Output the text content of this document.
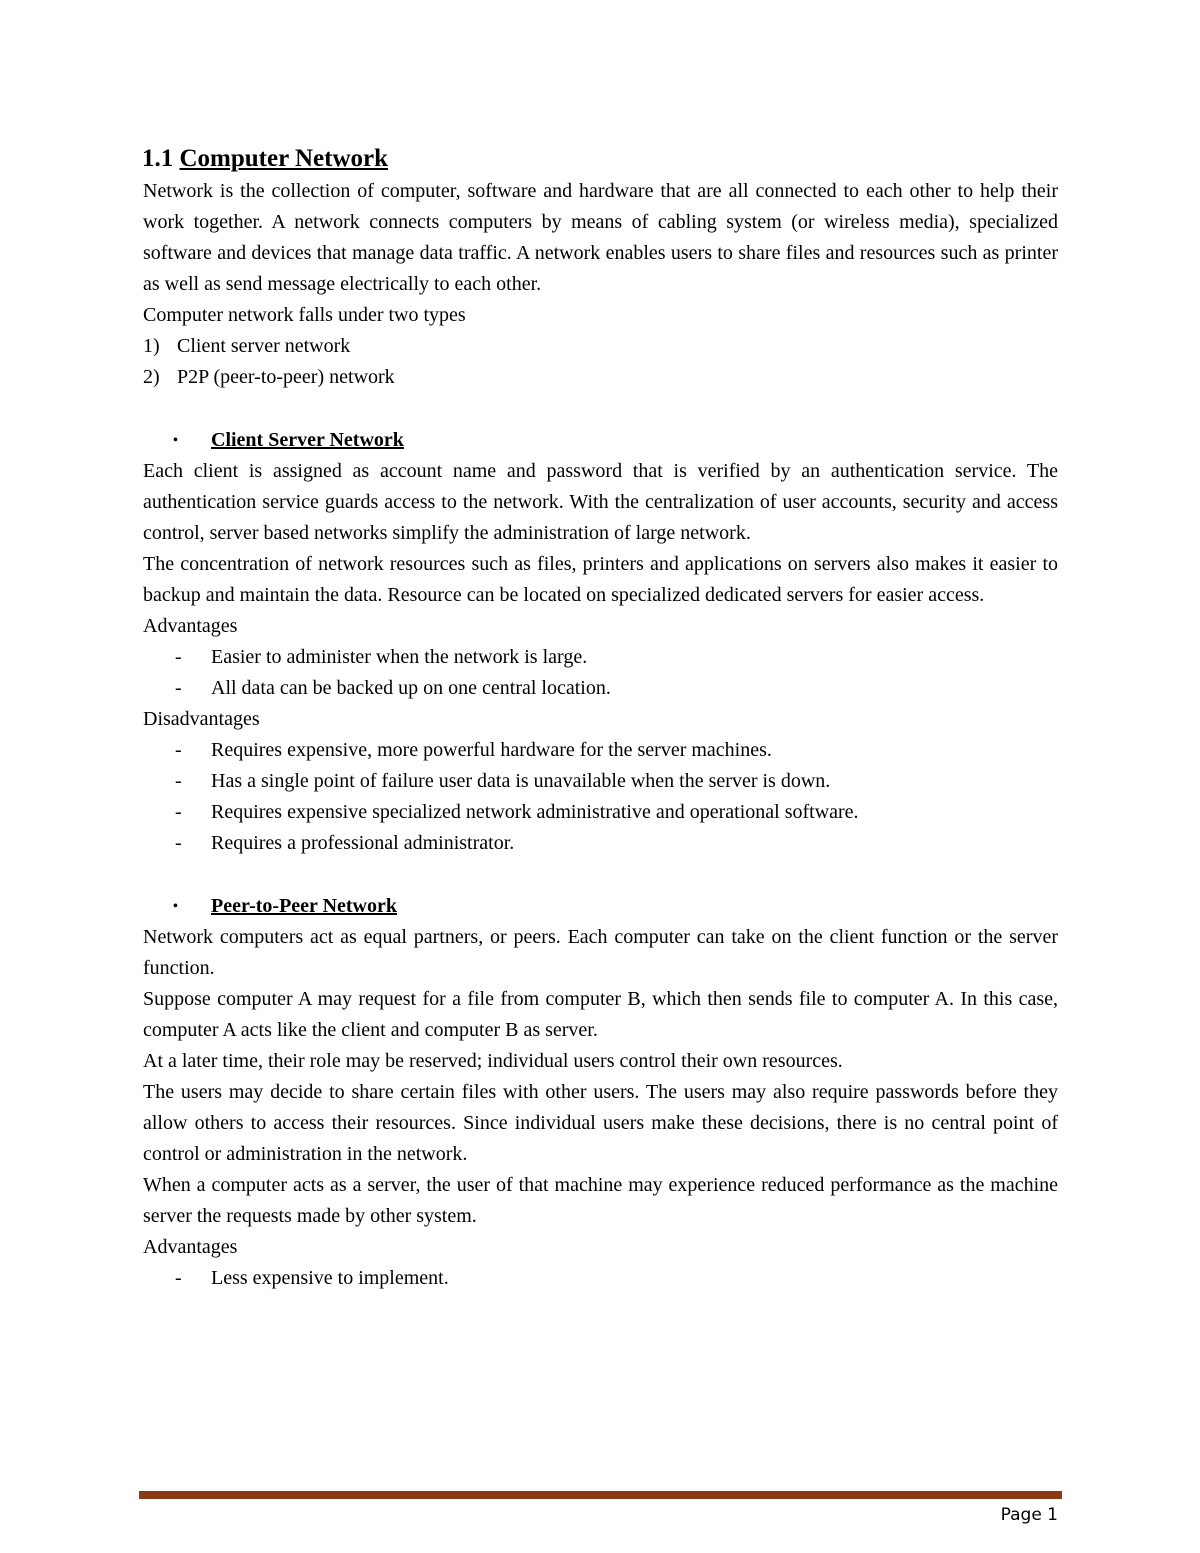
1.1 Computer Network

Network is the collection of computer, software and hardware that are all connected to each other to help their work together. A network connects computers by means of cabling system (or wireless media), specialized software and devices that manage data traffic. A network enables users to share files and resources such as printer as well as send message electrically to each other.

Computer network falls under two types

1) Client server network
2) P2P (peer-to-peer) network
•	Client Server Network

Each client is assigned as account name and password that is verified by an authentication service. The authentication service guards access to the network. With the centralization of user accounts, security and access control, server based networks simplify the administration of large network.

The concentration of network resources such as files, printers and applications on servers also makes it easier to backup and maintain the data. Resource can be located on specialized dedicated servers for easier access.

Advantages

-	Easier to administer when the network is large.
-	All data can be backed up on one central location.

Disadvantages

-	Requires expensive, more powerful hardware for the server machines.
-	Has a single point of failure user data is unavailable when the server is down.
-	Requires expensive specialized network administrative and operational software.
-	Requires a professional administrator.
•	Peer-to-Peer Network

Network computers act as equal partners, or peers. Each computer can take on the client function or the server function.

Suppose computer A may request for a file from computer B, which then sends file to computer A. In this case, computer A acts like the client and computer B as server.

At a later time, their role may be reserved; individual users control their own resources.

The users may decide to share certain files with other users. The users may also require passwords before they allow others to access their resources. Since individual users make these decisions, there is no central point of control or administration in the network.

When a computer acts as a server, the user of that machine may experience reduced performance as the machine server the requests made by other system.

Advantages

-	Less expensive to implement.
Page 1
